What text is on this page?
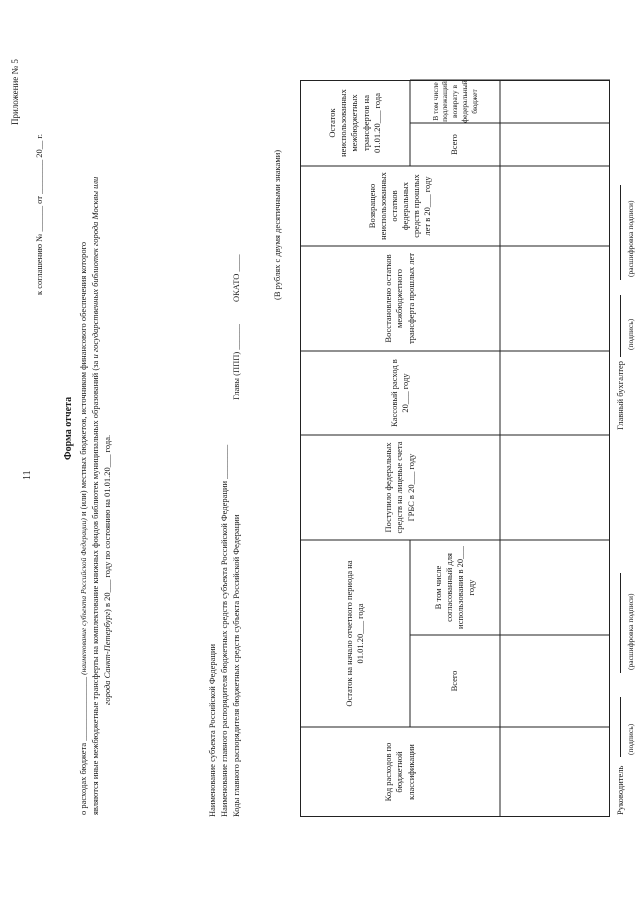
11
Приложение № 5
к соглашению № ______ от ________ 20__ г.
Форма отчета
о расходах бюджета _______________ (наименование субъекта Российской Федерации) и (или) местных бюджетов, источником финансового обеспечения которого являются иные межбюджетные трансферты на комплектование книжных фондов библиотек муниципальных образований (за и государственных библиотек города Москвы или
города Санкт-Петербург) в 20___ году по состоянию на 01.01.20___ года.
Наименование субъекта Российской Федерации Наименование главного распорядителя бюджетных средств субъекта Российской Федерации ________ Коды главного распорядителя бюджетных средств субъекта Российской Федерации
Главы (ППП) ______
ОКАТО ____	(В рублях с двумя десятичными знаками)
Код расходов по бюджетной классификации
Остаток на начало отчетного периода на 01.01.20___ года
Всего
В том числе согласованный для использования в 20___ году
Поступило федеральных средств на лицевые счета ГРБС в 20___ году
Кассовый расход в 20___ году
Восстановлено остатков межбюджетного трансферта прошлых лет
Возвращено неиспользованных остатков федеральных средств прошлых лет в 20___ году
Остаток неиспользованных межбюджетных трансфертов на 01.01.20___ года	Всего
В том числе подлежащий возврату в федеральный бюджет
Руководитель
(подпись)
(расшифровка подписи)
Главный бухгалтер
(подпись)
(расшифровка подписи)
